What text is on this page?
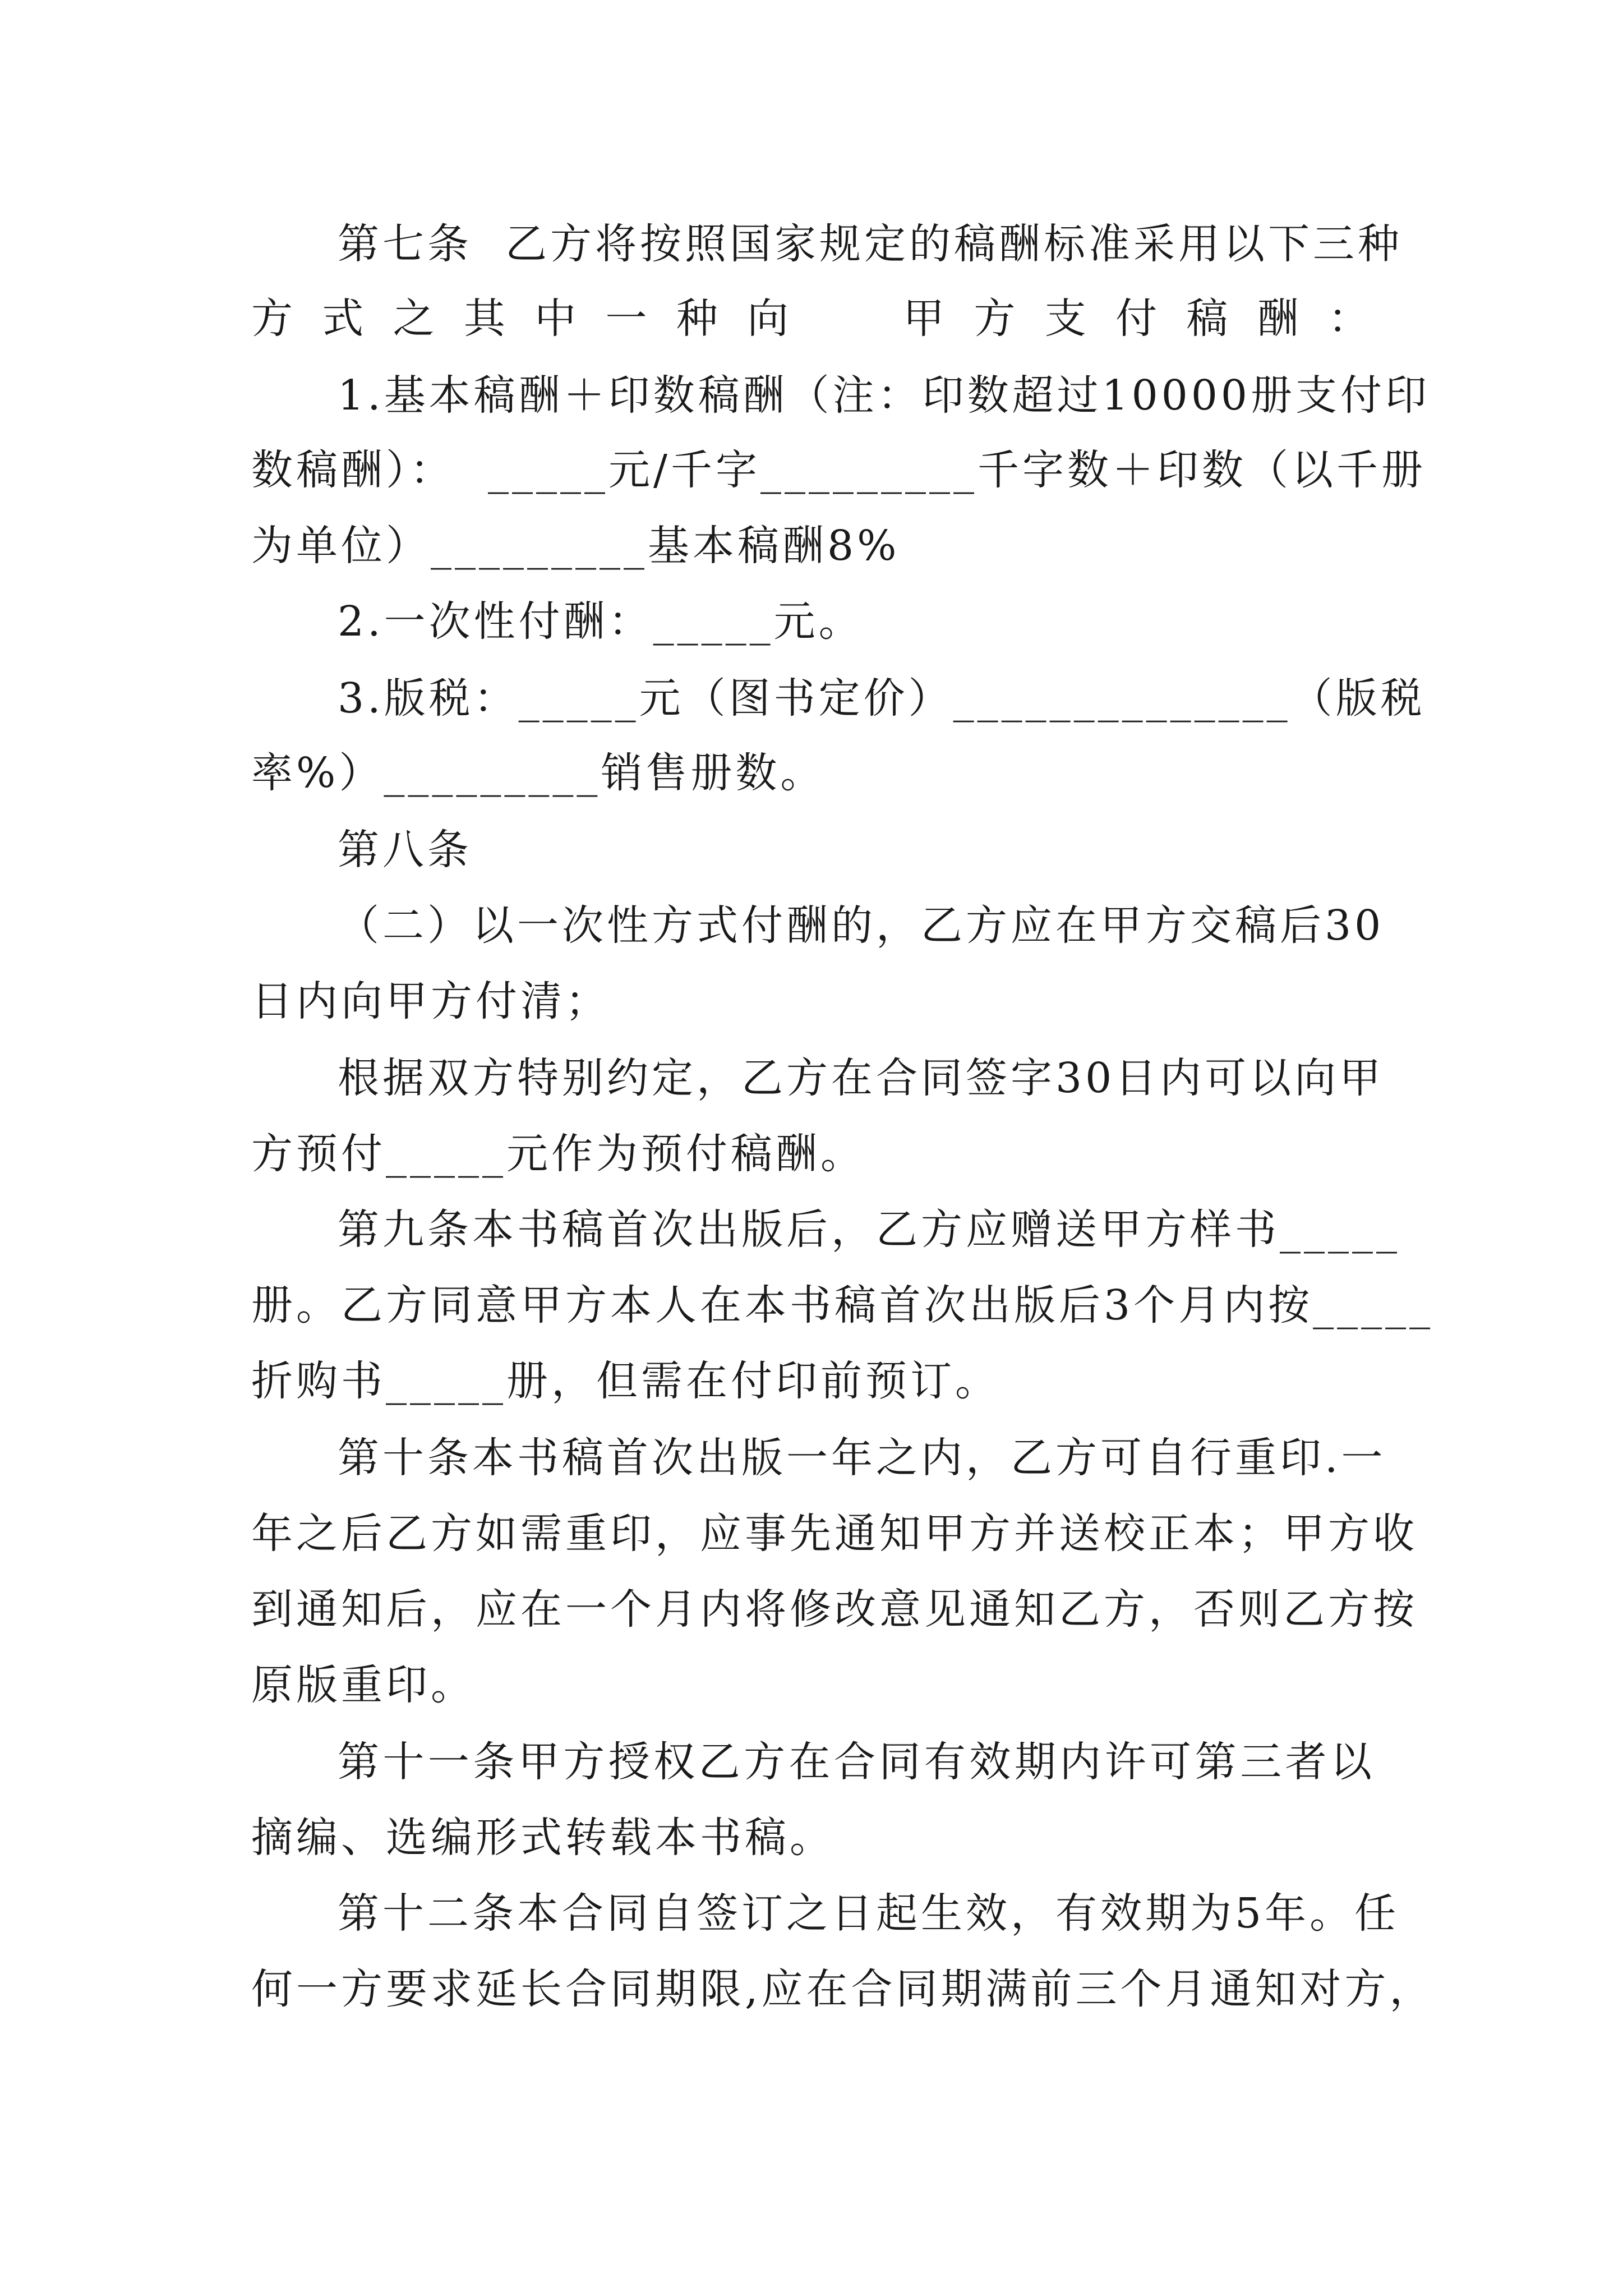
第七条  乙方将按照国家规定的稿酬标准采用以下三种
方式之其中一种向  甲方支付稿酬：
1.基本稿酬＋印数稿酬（注：印数超过10000册支付印
数稿酬）：  _____元/千字_________千字数＋印数（以千册
为单位）_________基本稿酬8%
2.一次性付酬：_____元。
3.版税：_____元（图书定价）______________（版税
率%）_________销售册数。
第八条
（二）以一次性方式付酬的，乙方应在甲方交稿后30
日内向甲方付清；
根据双方特别约定，乙方在合同签字30日内可以向甲
方预付_____元作为预付稿酬。
第九条本书稿首次出版后，乙方应赠送甲方样书_____
册。乙方同意甲方本人在本书稿首次出版后3个月内按_____
折购书_____册，但需在付印前预订。
第十条本书稿首次出版一年之内，乙方可自行重印.一
年之后乙方如需重印，应事先通知甲方并送校正本；甲方收
到通知后，应在一个月内将修改意见通知乙方，否则乙方按
原版重印。
第十一条甲方授权乙方在合同有效期内许可第三者以
摘编、选编形式转载本书稿。
第十二条本合同自签订之日起生效，有效期为5年。任
何一方要求延长合同期限,应在合同期满前三个月通知对方，
